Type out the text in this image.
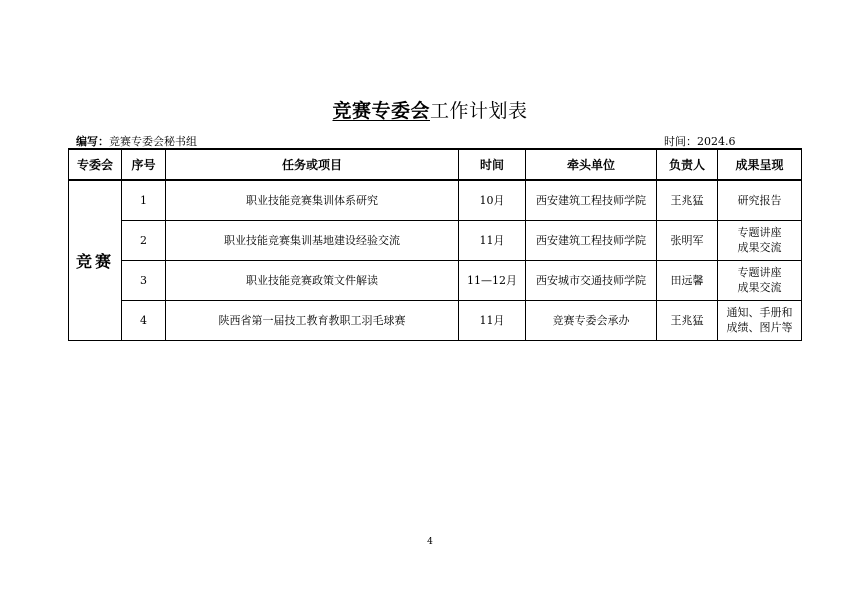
竞赛专委会工作计划表
编写：竞赛专委会秘书组	时间：2024.6
专委会	序号	任务或项目	时间	牵头单位	负责人	成果呈现
竞赛	1	职业技能竞赛集训体系研究	10月	西安建筑工程技师学院	王兆猛	研究报告

	2	职业技能竞赛集训基地建设经验交流	11月	西安建筑工程技师学院	张明军	专题讲座
成果交流

	3	职业技能竞赛政策文件解读	11—12月	西安城市交通技师学院	田远馨	专题讲座
成果交流

	4	陕西省第一届技工教育教职工羽毛球赛	11月	竞赛专委会承办	王兆猛	通知、手册和
成绩、图片等
4
